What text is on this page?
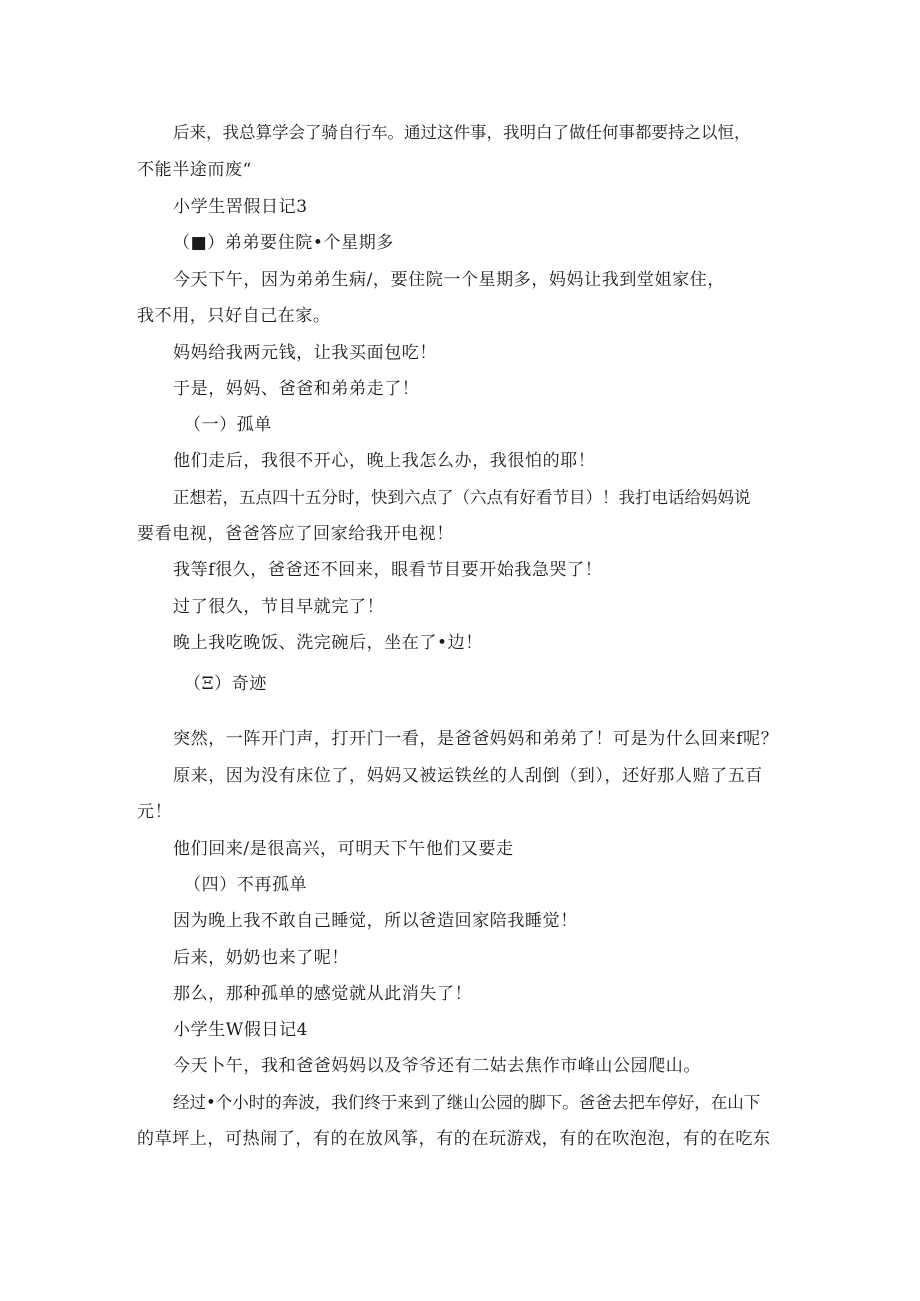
后来，我总算学会了骑自行车。通过这件事，我明白了做任何事都要持之以恒，
不能半途而废“
小学生罟假日记3
（■）弟弟要住院•个星期多
今天下午，因为弟弟生病/，要住院一个星期多，妈妈让我到堂姐家住，
我不用，只好自己在家。
妈妈给我两元钱，让我买面包吃！
于是，妈妈、爸爸和弟弟走了！
（一）孤单
他们走后，我很不开心，晚上我怎么办，我很怕的耶！
正想若，五点四十五分时，快到六点了（六点有好看节目）！我打电话给妈妈说
要看电视，爸爸答应了回家给我开电视！
我等f很久，爸爸还不回来，眼看节目要开始我急哭了！
过了很久，节目早就完了！
晚上我吃晚饭、洗完碗后，坐在了•边！
（Ξ）奇迹
突然，一阵开门声，打开门一看，是爸爸妈妈和弟弟了！可是为什么回来f呢？
原来，因为没有床位了，妈妈又被运铁丝的人刮倒（到），还好那人赔了五百
元！
他们回来/是很高兴，可明天下午他们又要走
（四）不再孤单
因为晚上我不敢自己睡觉，所以爸造回家陪我睡觉！
后来，奶奶也来了呢！
那么，那种孤单的感觉就从此消失了！
小学生W假日记4
今天卜午，我和爸爸妈妈以及爷爷还有二姑去焦作市峰山公园爬山。
经过•个小时的奔波，我们终于来到了继山公园的脚下。爸爸去把车停好，在山下
的草坪上，可热闹了，有的在放风筝，有的在玩游戏，有的在吹泡泡，有的在吃东
